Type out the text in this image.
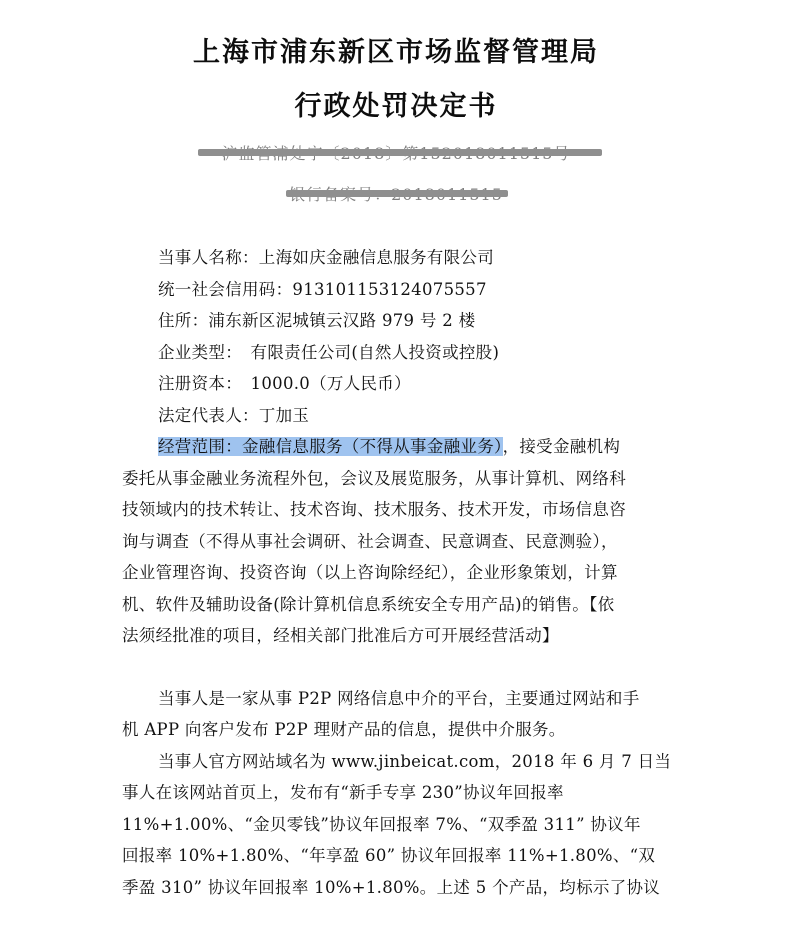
上海市浦东新区市场监督管理局
行政处罚决定书
当事人名称：上海如庆金融信息服务有限公司
统一社会信用码：913101153124075557
住所：浦东新区泥城镇云汉路 979 号 2 楼
企业类型：　有限责任公司(自然人投资或控股)
注册资本：　1000.0（万人民币）
法定代表人：丁加玉
经营范围：金融信息服务（不得从事金融业务），接受金融机构
委托从事金融业务流程外包，会议及展览服务，从事计算机、网络科
技领域内的技术转让、技术咨询、技术服务、技术开发，市场信息咨
询与调查（不得从事社会调研、社会调查、民意调查、民意测验），
企业管理咨询、投资咨询（以上咨询除经纪），企业形象策划，计算
机、软件及辅助设备(除计算机信息系统安全专用产品)的销售。【依
法须经批准的项目，经相关部门批准后方可开展经营活动】
当事人是一家从事 P2P 网络信息中介的平台，主要通过网站和手
机 APP 向客户发布 P2P 理财产品的信息，提供中介服务。
当事人官方网站域名为 www.jinbeicat.com，2018 年 6 月 7 日当
事人在该网站首页上，发布有“新手专享 230”协议年回报率
11%+1.00%、“金贝零钱”协议年回报率 7%、“双季盈 311” 协议年
回报率 10%+1.80%、“年享盈 60” 协议年回报率 11%+1.80%、“双
季盈 310” 协议年回报率 10%+1.80%。上述 5 个产品，均标示了协议
